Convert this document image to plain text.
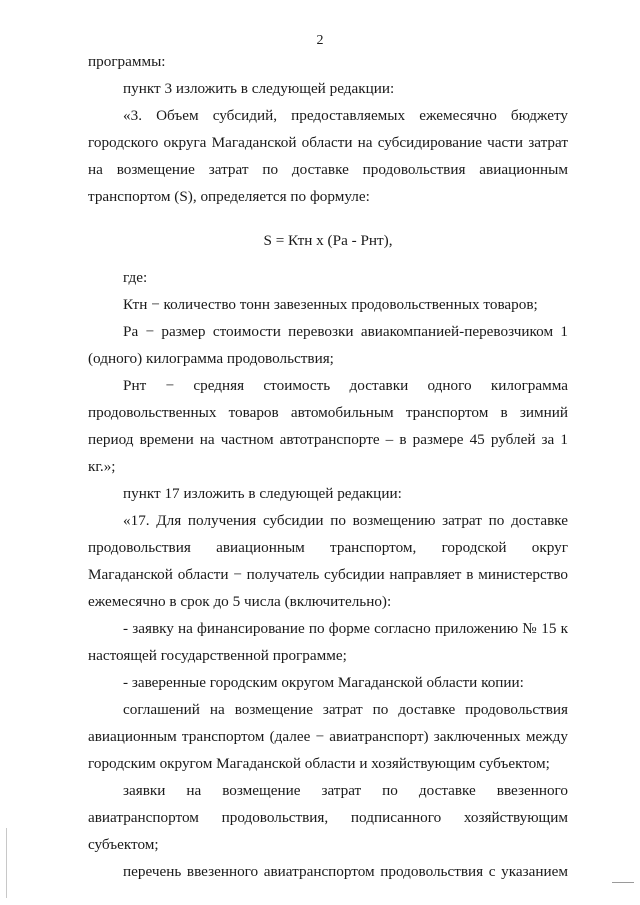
2

программы:

пункт 3 изложить в следующей редакции:

«3. Объем субсидий, предоставляемых ежемесячно бюджету городского округа Магаданской области на субсидирование части затрат на возмещение затрат по доставке продовольствия авиационным транспортом (S), определяется по формуле:

S = Ктн х (Ра - Рнт),

где:

Ктн − количество тонн завезенных продовольственных товаров;

Ра − размер стоимости перевозки авиакомпанией-перевозчиком 1 (одного) килограмма продовольствия;

Рнт − средняя стоимость доставки одного килограмма продовольственных товаров автомобильным транспортом в зимний период времени на частном автотранспорте – в размере 45 рублей за 1 кг.»;

пункт 17 изложить в следующей редакции:

«17. Для получения субсидии по возмещению затрат по доставке продовольствия авиационным транспортом, городской округ Магаданской области − получатель субсидии направляет в министерство ежемесячно в срок до 5 числа (включительно):

- заявку на финансирование по форме согласно приложению № 15 к настоящей государственной программе;

- заверенные городским округом Магаданской области копии:

соглашений на возмещение затрат по доставке продовольствия авиационным транспортом (далее − авиатранспорт) заключенных между городским округом Магаданской области и хозяйствующим субъектом;

заявки на возмещение затрат по доставке ввезенного авиатранспортом продовольствия, подписанного хозяйствующим субъектом;

перечень ввезенного авиатранспортом продовольствия с указанием
